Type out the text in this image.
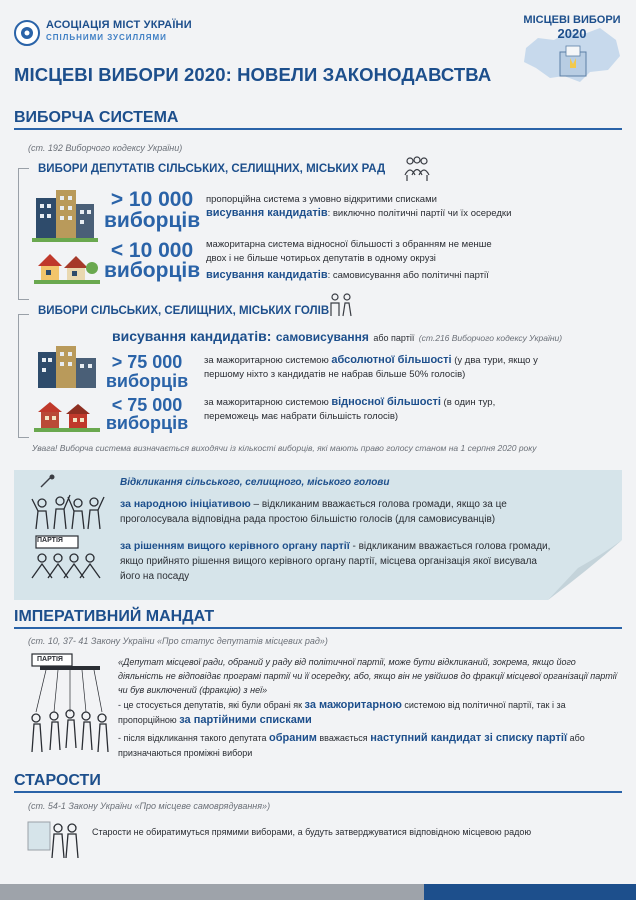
АСОЦІАЦІЯ МІСТ УКРАЇНИ
СПІЛЬНИМИ ЗУСИЛЛЯМИ
МІСЦЕВІ ВИБОРИ
2020
МІСЦЕВІ ВИБОРИ 2020: НОВЕЛИ ЗАКОНОДАВСТВА
ВИБОРЧА СИСТЕМА
(ст. 192 Виборчого кодексу України)
ВИБОРИ ДЕПУТАТІВ СІЛЬСЬКИХ, СЕЛИЩНИХ, МІСЬКИХ РАД
> 10 000
виборців
пропорційна система з умовно відкритими списками
висування кандидатів: виключно політичні партії чи їх осередки
< 10 000
виборців
мажоритарна система відносної більшості з обранням не менше двох і не більше чотирьох депутатів в одному окрузі
висування кандидатів: самовисування або політичні партії
ВИБОРИ СІЛЬСЬКИХ, СЕЛИЩНИХ, МІСЬКИХ ГОЛІВ
висування кандидатів: самовисування або партії (ст.216 Виборчого кодексу України)
> 75 000
виборців
за мажоритарною системою абсолютної більшості (у два тури, якщо у першому ніхто з кандидатів не набрав більше 50% голосів)
< 75 000
виборців
за мажоритарною системою відносної більшості (в один тур, переможець має набрати більшість голосів)
Увага! Виборча система визначається виходячи із кількості виборців, які мають право голосу станом на 1 серпня 2020 року
Відкликання сільського, селищного, міського голови
за народною ініціативою – відкликаним вважається голова громади, якщо за це проголосувала відповідна рада простою більшістю голосів (для самовисуванців)
ПАРТІЯ	за рішенням вищого керівного органу партії - відкликаним вважається голова громади, якщо прийнято рішення вищого керівного органу партії, місцева організація якої висувала його на посаду
ІМПЕРАТИВНИЙ МАНДАТ
(ст. 10, 37- 41 Закону України «Про статус депутатів місцевих рад»)
ПАРТІЯ	«Депутат місцевої ради, обраний у раду від політичної партії, може бути відкликаний, зокрема, якщо його діяльність не відповідає програмі партії чи її осередку, або, якщо він не увійшов до фракції місцевої організації партії чи був виключений (фракцію) з неї»
- це стосується депутатів, які були обрані як за мажоритарною системою від політичної партії, так і за пропорційною за партійними списками
- після відкликання такого депутата обраним вважається наступний кандидат зі списку партії або призначаються проміжні вибори
СТАРОСТИ
(ст. 54-1 Закону України «Про місцеве самоврядування»)
Старости не обиратимуться прямими виборами, а будуть затверджуватися відповідною місцевою радою
